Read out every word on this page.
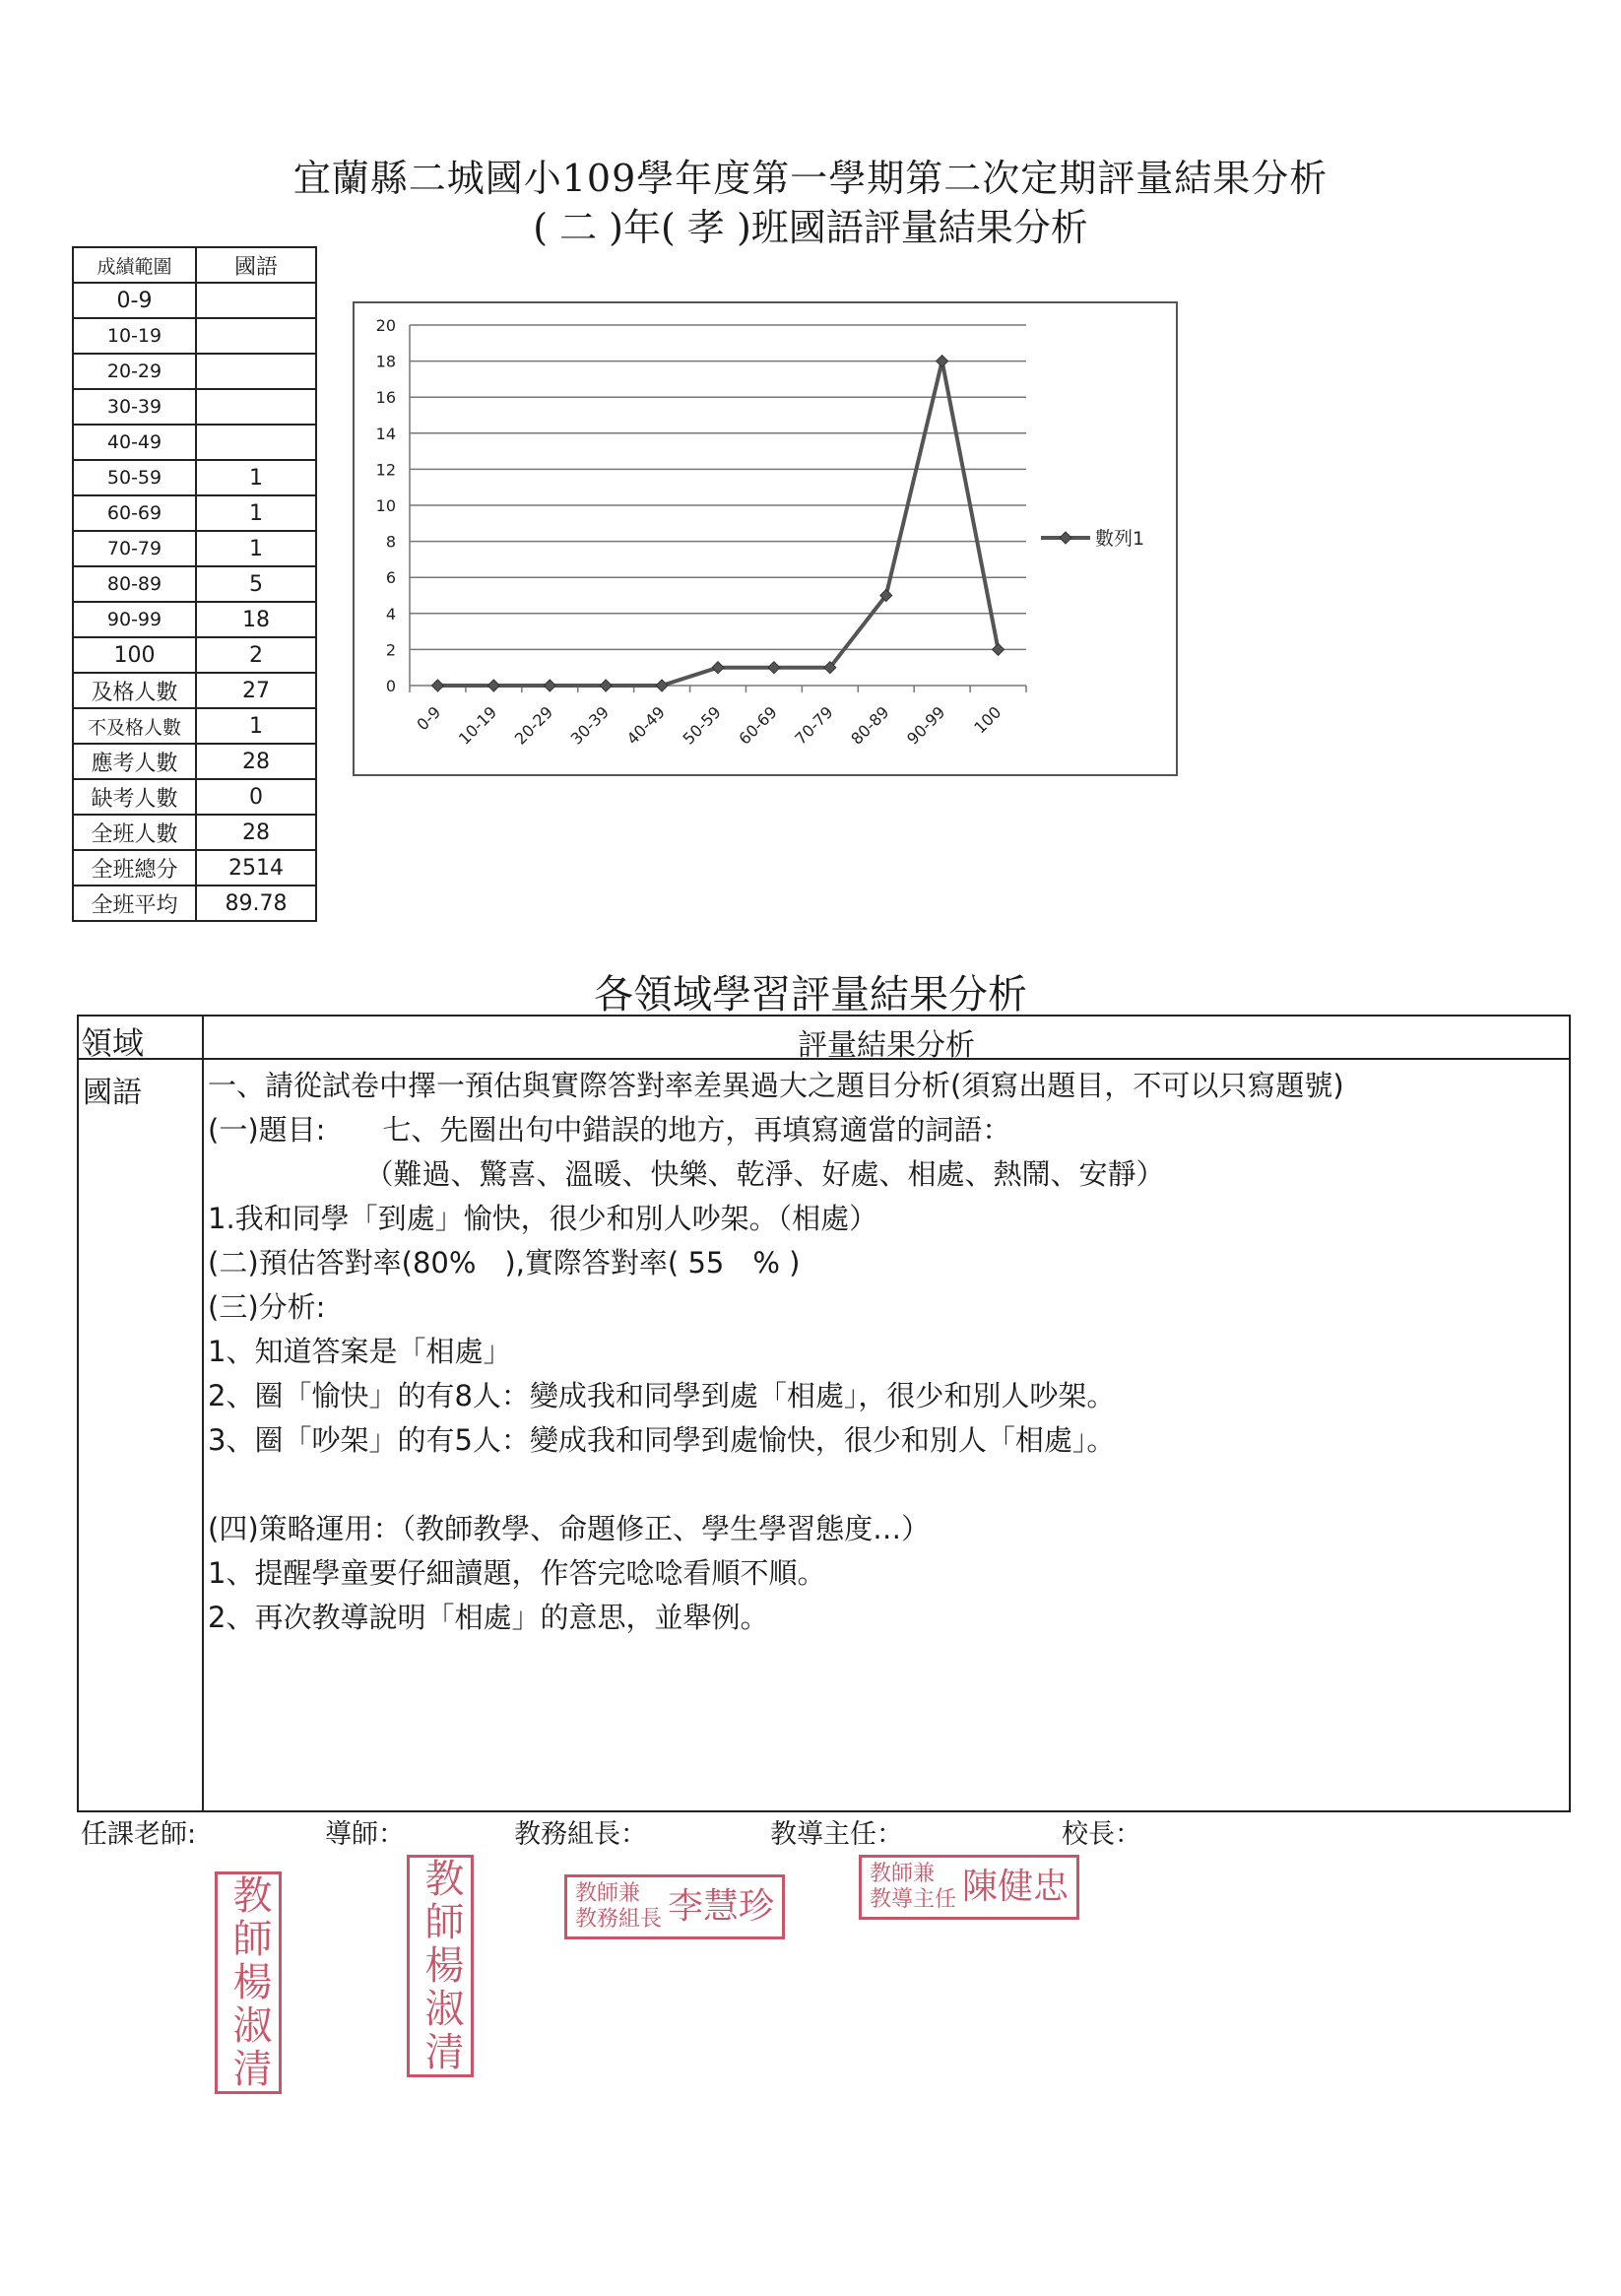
宜蘭縣二城國小109學年度第一學期第二次定期評量結果分析
( 二 )年( 孝 )班國語評量結果分析
成績範圍	國語
0-9	
10-19	
20-29	
30-39	
40-49	
50-59	1
60-69	1
70-79	1
80-89	5
90-99	18
100	2
及格人數	27
不及格人數	1
應考人數	28
缺考人數	0
全班人數	28
全班總分	2514
全班平均	89.78
0
2
4
6
8
10
12
14
16
18
20
0-9 10-19 20-29 30-39 40-49 50-59 60-69 70-79 80-89 90-99 100
數列1
各領域學習評量結果分析
領域	評量結果分析
國語 一、請從試卷中擇一預估與實際答對率差異過大之題目分析(須寫出題目，不可以只寫題號)
(一)題目:　　七、先圈出句中錯誤的地方，再填寫適當的詞語：
　　　　　　（難過、驚喜、溫暖、快樂、乾淨、好處、相處、熱鬧、安靜）
1.我和同學「到處」愉快，很少和別人吵架。（相處）
(二)預估答對率(80%　),實際答對率( 55　% )
(三)分析:
1、知道答案是「相處」
2、圈「愉快」的有8人：變成我和同學到處「相處」，很少和別人吵架。
3、圈「吵架」的有5人：變成我和同學到處愉快，很少和別人「相處」。
(四)策略運用：（教師教學、命題修正、學生學習態度…）
1、提醒學童要仔細讀題，作答完唸唸看順不順。
2、再次教導說明「相處」的意思，並舉例。
任課老師:	導師：	教務組長：	教導主任：	校長：
教師楊淑清	教師楊淑清	教師兼
教務組長 李慧珍
教師兼
教導主任 陳健忠
